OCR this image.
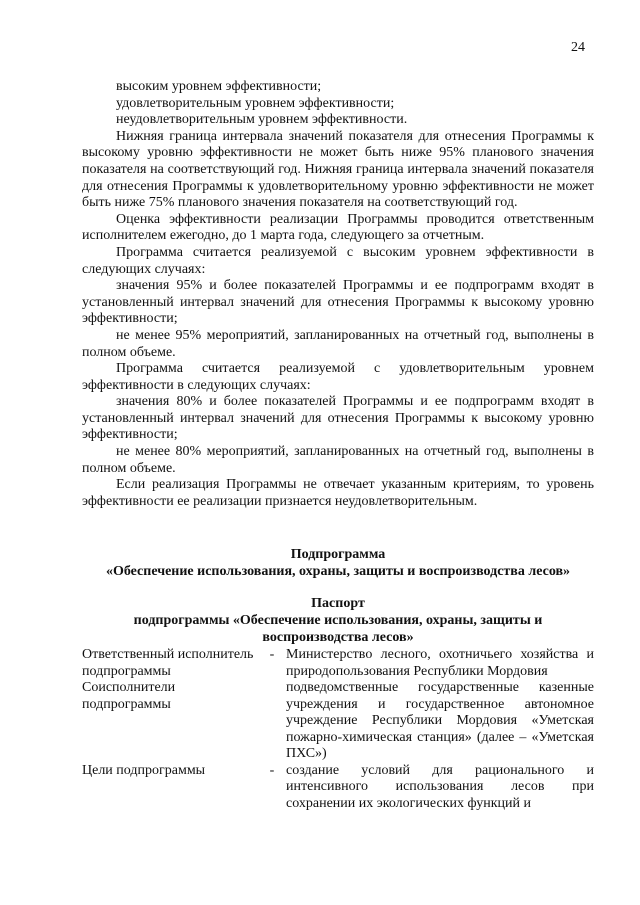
24

высоким уровнем эффективности;

удовлетворительным уровнем эффективности;

неудовлетворительным уровнем эффективности.

Нижняя граница интервала значений показателя для отнесения Программы к высокому уровню эффективности не может быть ниже 95% планового значения показателя на соответствующий год. Нижняя граница интервала значений показателя для отнесения Программы к удовлетворительному уровню эффективности не может быть ниже 75% планового значения показателя на соответствующий год.

Оценка эффективности реализации Программы проводится ответственным исполнителем ежегодно, до 1 марта года, следующего за отчетным.

Программа считается реализуемой с высоким уровнем эффективности в следующих случаях:

значения 95% и более показателей Программы и ее подпрограмм входят в установленный интервал значений для отнесения Программы к высокому уровню эффективности;

не менее 95% мероприятий, запланированных на отчетный год, выполнены в полном объеме.

Программа считается реализуемой с удовлетворительным уровнем эффективности в следующих случаях:

значения 80% и более показателей Программы и ее подпрограмм входят в установленный интервал значений для отнесения Программы к высокому уровню эффективности;

не менее 80% мероприятий, запланированных на отчетный год, выполнены в полном объеме.

Если реализация Программы не отвечает указанным критериям, то уровень эффективности ее реализации признается неудовлетворительным.

Подпрограмма
«Обеспечение использования, охраны, защиты и воспроизводства лесов»
Паспорт
подпрограммы «Обеспечение использования, охраны, защиты и
воспроизводства лесов»
Ответственный исполнитель подпрограммы
- Министерство лесного, охотничьего хозяйства и природопользования Республики Мордовия
Соисполнители подпрограммы
подведомственные государственные казенные учреждения и государственное автономное учреждение Республики Мордовия «Уметская пожарно-химическая станция» (далее – «Уметская ПХС»)
Цели подпрограммы	- создание условий для рационального и интенсивного использования лесов при сохранении их экологических функций и
